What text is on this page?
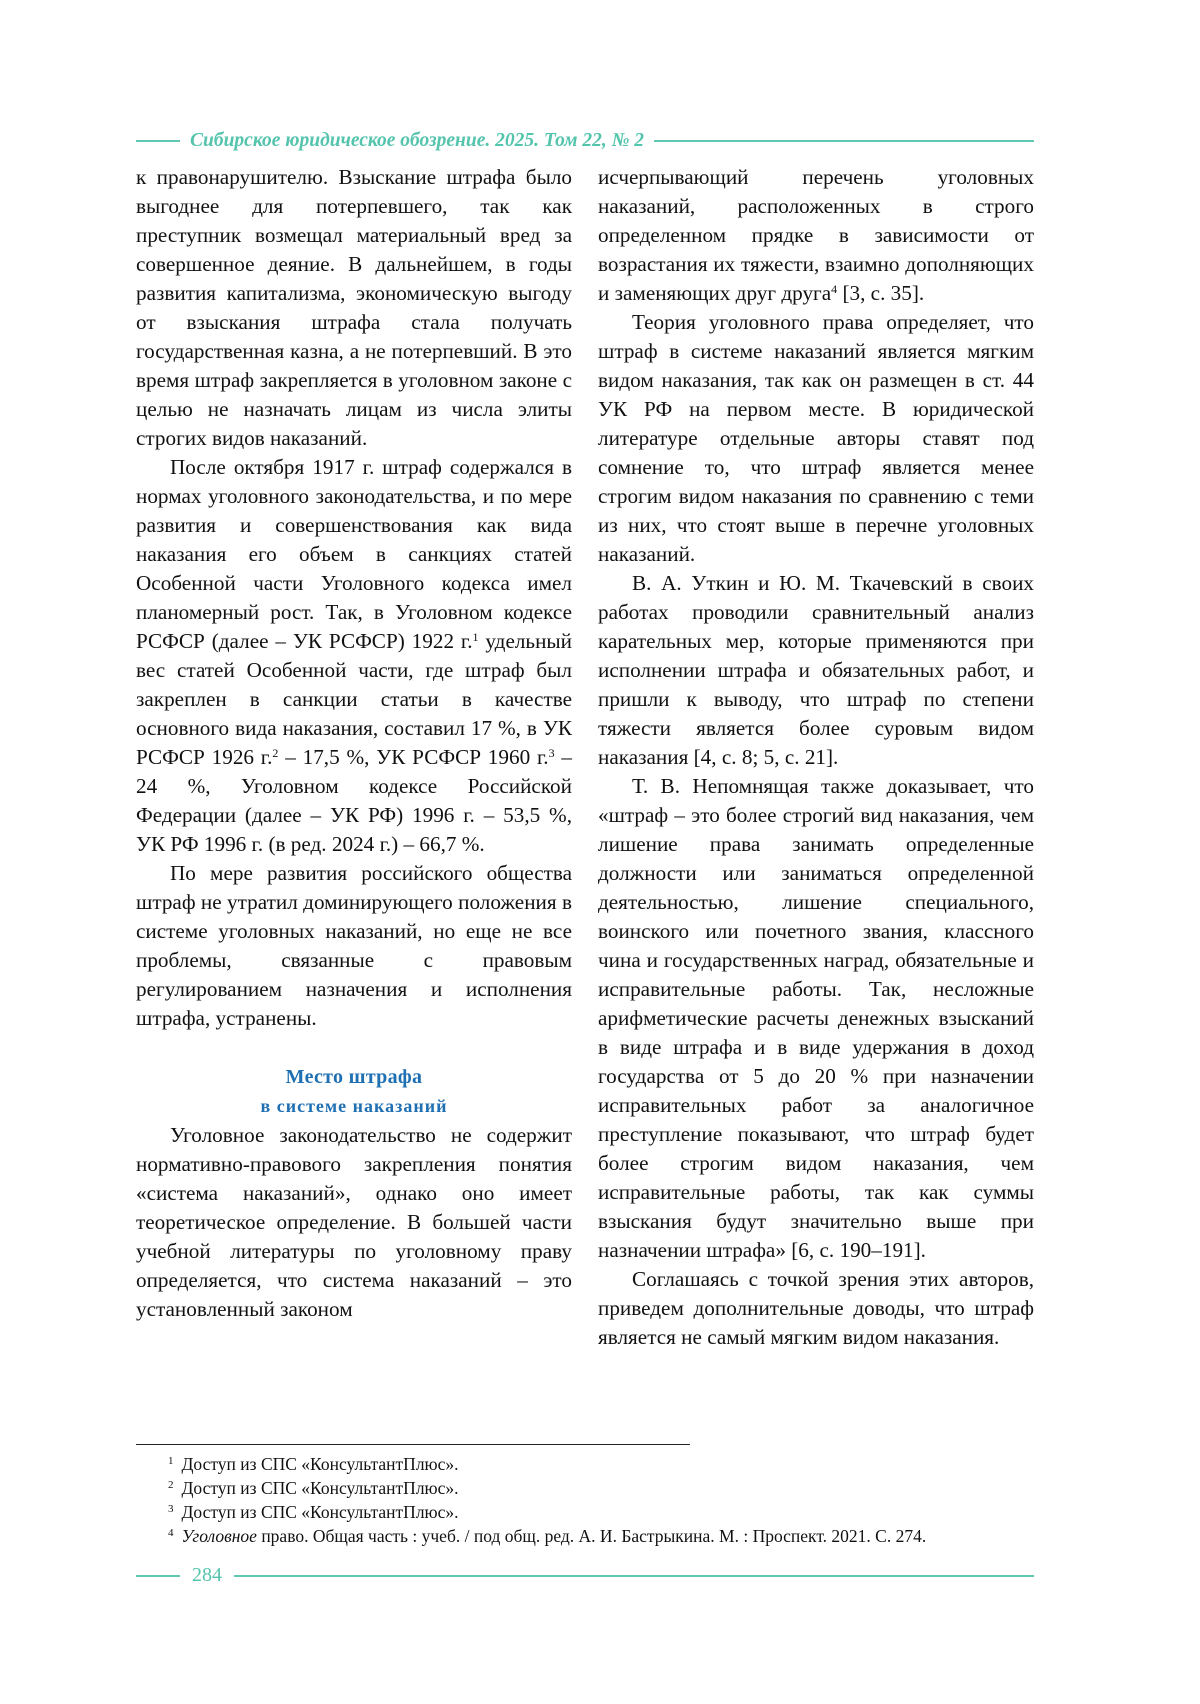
Сибирское юридическое обозрение. 2025. Том 22, № 2

к правонарушителю. Взыскание штрафа было выгоднее для потерпевшего, так как преступник возмещал материальный вред за совершенное деяние. В дальнейшем, в годы развития капитализма, экономическую выгоду от взыскания штрафа стала получать государственная казна, а не потерпевший. В это время штраф закрепляется в уголовном законе с целью не назначать лицам из числа элиты строгих видов наказаний.

После октября 1917 г. штраф содержался в нормах уголовного законодательства, и по мере развития и совершенствования как вида наказания его объем в санкциях статей Особенной части Уголовного кодекса имел планомерный рост. Так, в Уголовном кодексе РСФСР (далее – УК РСФСР) 1922 г.$^1$ удельный вес статей Особенной части, где штраф был закреплен в санкции статьи в качестве основного вида наказания, составил 17 %, в УК РСФСР 1926 г.$^2$ – 17,5 %, УК РСФСР 1960 г.$^3$ – 24 %, Уголовном кодексе Российской Федерации (далее – УК РФ) 1996 г. – 53,5 %, УК РФ 1996 г. (в ред. 2024 г.) – 66,7 %.

По мере развития российского общества штраф не утратил доминирующего положения в системе уголовных наказаний, но еще не все проблемы, связанные с правовым регулированием назначения и исполнения штрафа, устранены.

Место штрафа
в системе наказаний

Уголовное законодательство не содержит нормативно-правового закрепления понятия «система наказаний», однако оно имеет теоретическое определение. В большей части учебной литературы по уголовному праву определяется, что система наказаний – это установленный законом

исчерпывающий перечень уголовных наказаний, расположенных в строго определенном прядке в зависимости от возрастания их тяжести, взаимно дополняющих и заменяющих друг друга$^4$ [3, с. 35].

Теория уголовного права определяет, что штраф в системе наказаний является мягким видом наказания, так как он размещен в ст. 44 УК РФ на первом месте. В юридической литературе отдельные авторы ставят под сомнение то, что штраф является менее строгим видом наказания по сравнению с теми из них, что стоят выше в перечне уголовных наказаний.

В. А. Уткин и Ю. М. Ткачевский в своих работах проводили сравнительный анализ карательных мер, которые применяются при исполнении штрафа и обязательных работ, и пришли к выводу, что штраф по степени тяжести является более суровым видом наказания [4, с. 8; 5, с. 21].

Т. В. Непомнящая также доказывает, что «штраф – это более строгий вид наказания, чем лишение права занимать определенные должности или заниматься определенной деятельностью, лишение специального, воинского или почетного звания, классного чина и государственных наград, обязательные и исправительные работы. Так, несложные арифметические расчеты денежных взысканий в виде штрафа и в виде удержания в доход государства от 5 до 20 % при назначении исправительных работ за аналогичное преступление показывают, что штраф будет более строгим видом наказания, чем исправительные работы, так как суммы взыскания будут значительно выше при назначении штрафа» [6, с. 190–191].

Соглашаясь с точкой зрения этих авторов, приведем дополнительные доводы, что штраф является не самый мягким видом наказания.

$^1$ Доступ из СПС «КонсультантПлюс».
$^2$ Доступ из СПС «КонсультантПлюс».
$^3$ Доступ из СПС «КонсультантПлюс».
$^4$ Уголовное право. Общая часть : учеб. / под общ. ред. А. И. Бастрыкина. М. : Проспект. 2021. С. 274.
284
